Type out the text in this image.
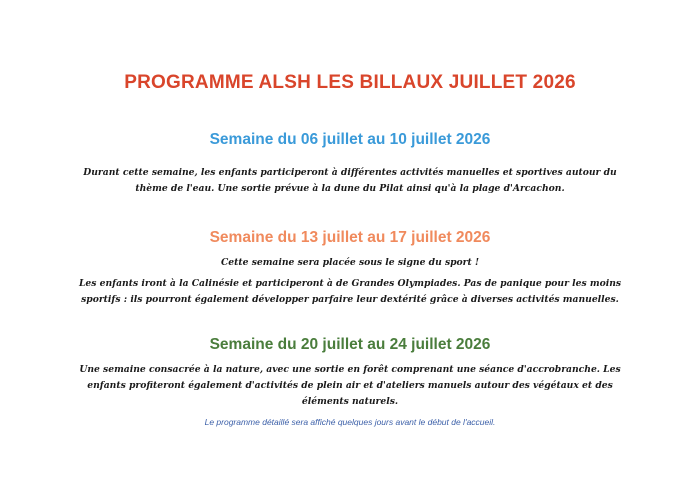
PROGRAMME ALSH LES BILLAUX JUILLET 2026
Semaine du 06 juillet au 10 juillet 2026
Durant cette semaine, les enfants participeront à différentes activités manuelles et sportives autour du thème de l'eau. Une sortie prévue à la dune du Pilat ainsi qu'à la plage d'Arcachon.
Semaine du 13 juillet au 17 juillet 2026
Cette semaine sera placée sous le signe du sport !
Les enfants iront à la Calinésie et participeront à de Grandes Olympiades. Pas de panique pour les moins sportifs : ils pourront également développer parfaire leur dextérité grâce à diverses activités manuelles.
Semaine du 20 juillet au 24 juillet 2026
Une semaine consacrée à la nature, avec une sortie en forêt comprenant une séance d'accrobranche. Les enfants profiteront également d'activités de plein air et d'ateliers manuels autour des végétaux et des éléments naturels.
Le programme détaillé sera affiché quelques jours avant le début de l'accueil.
